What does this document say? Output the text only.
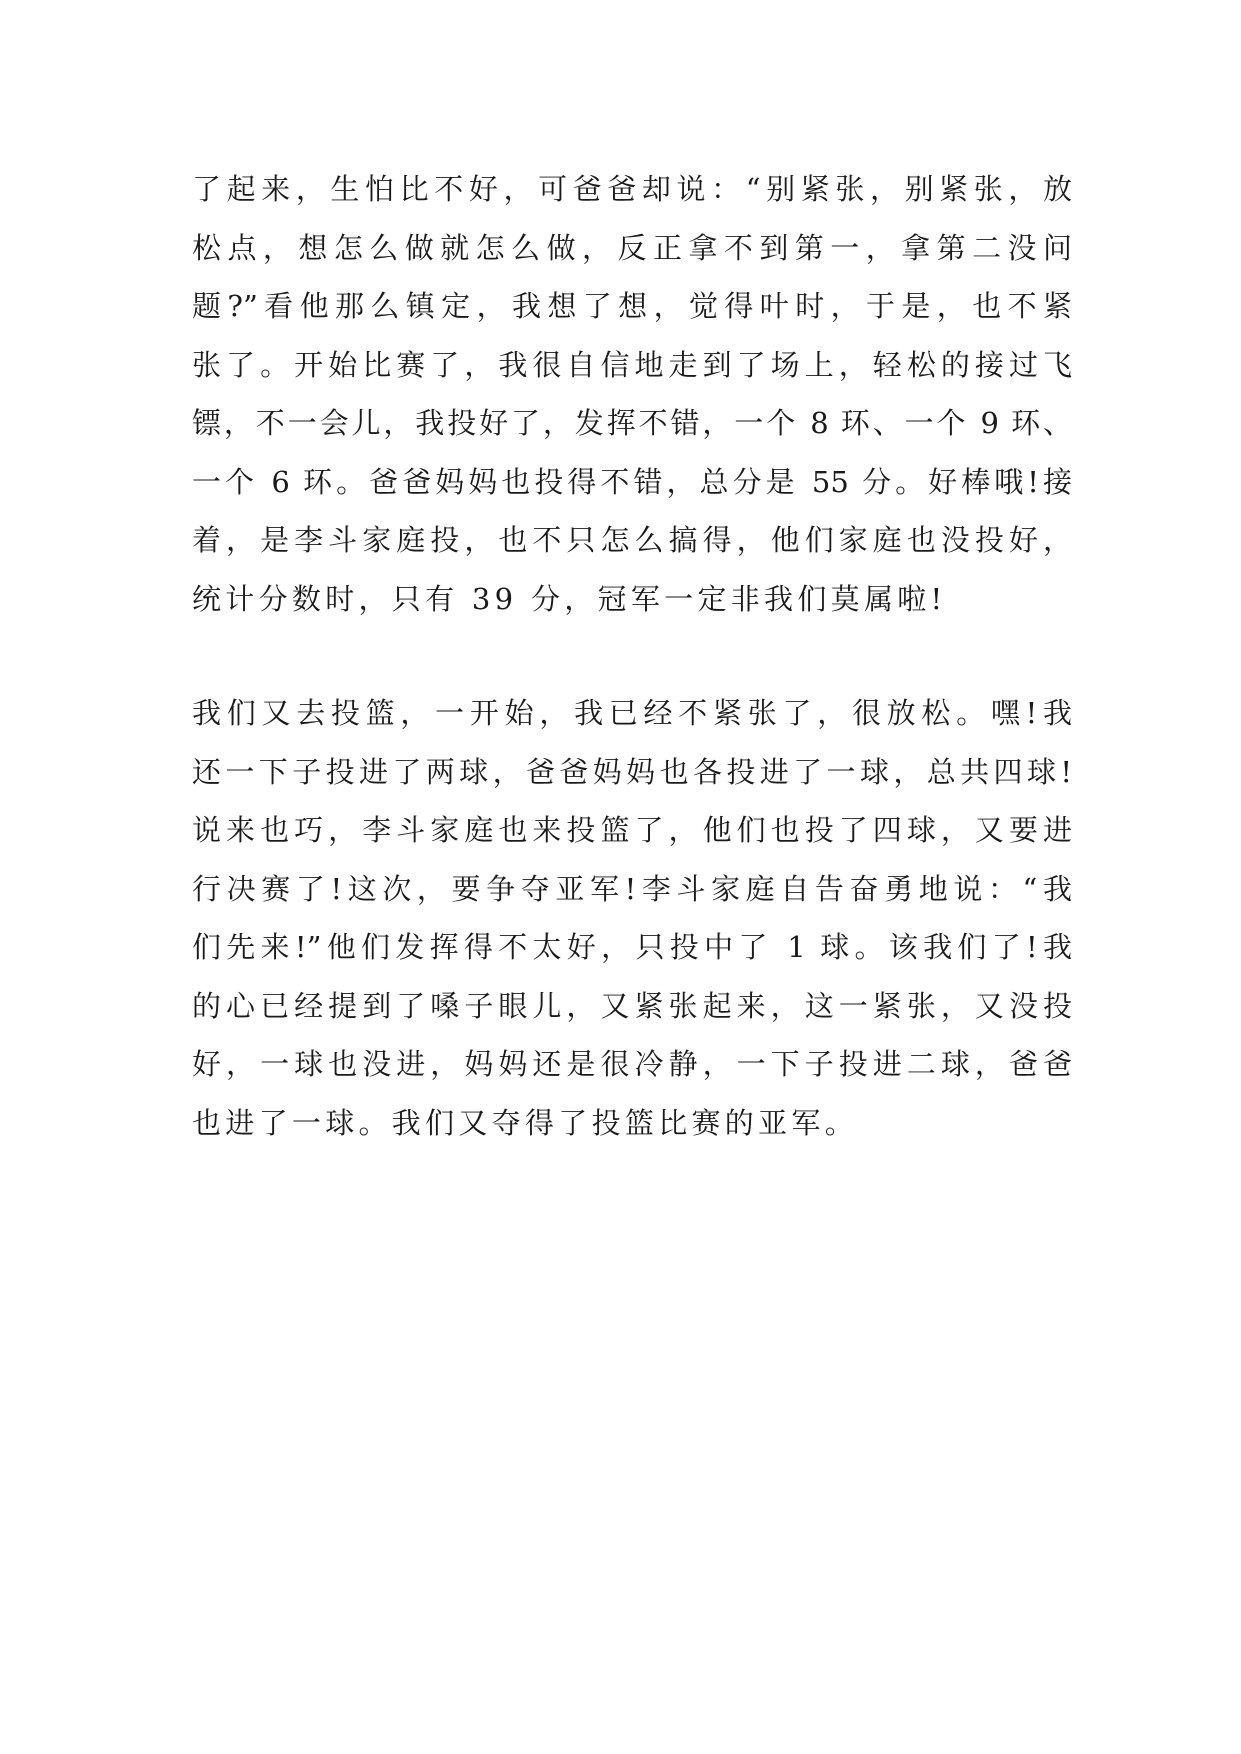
了起来，生怕比不好，可爸爸却说：“别紧张，别紧张，放
松点，想怎么做就怎么做，反正拿不到第一，拿第二没问
题?”看他那么镇定，我想了想，觉得叶时，于是，也不紧
张了。开始比赛了，我很自信地走到了场上，轻松的接过飞
镖，不一会儿，我投好了，发挥不错，一个 8 环、一个 9 环、
一个 6 环。爸爸妈妈也投得不错，总分是 55 分。好棒哦!接
着，是李斗家庭投，也不只怎么搞得，他们家庭也没投好，
统计分数时，只有 39 分，冠军一定非我们莫属啦!
我们又去投篮，一开始，我已经不紧张了，很放松。嘿!我
还一下子投进了两球，爸爸妈妈也各投进了一球，总共四球!
说来也巧，李斗家庭也来投篮了，他们也投了四球，又要进
行决赛了!这次，要争夺亚军!李斗家庭自告奋勇地说：“我
们先来!”他们发挥得不太好，只投中了 1 球。该我们了!我
的心已经提到了嗓子眼儿，又紧张起来，这一紧张，又没投
好，一球也没进，妈妈还是很冷静，一下子投进二球，爸爸
也进了一球。我们又夺得了投篮比赛的亚军。
